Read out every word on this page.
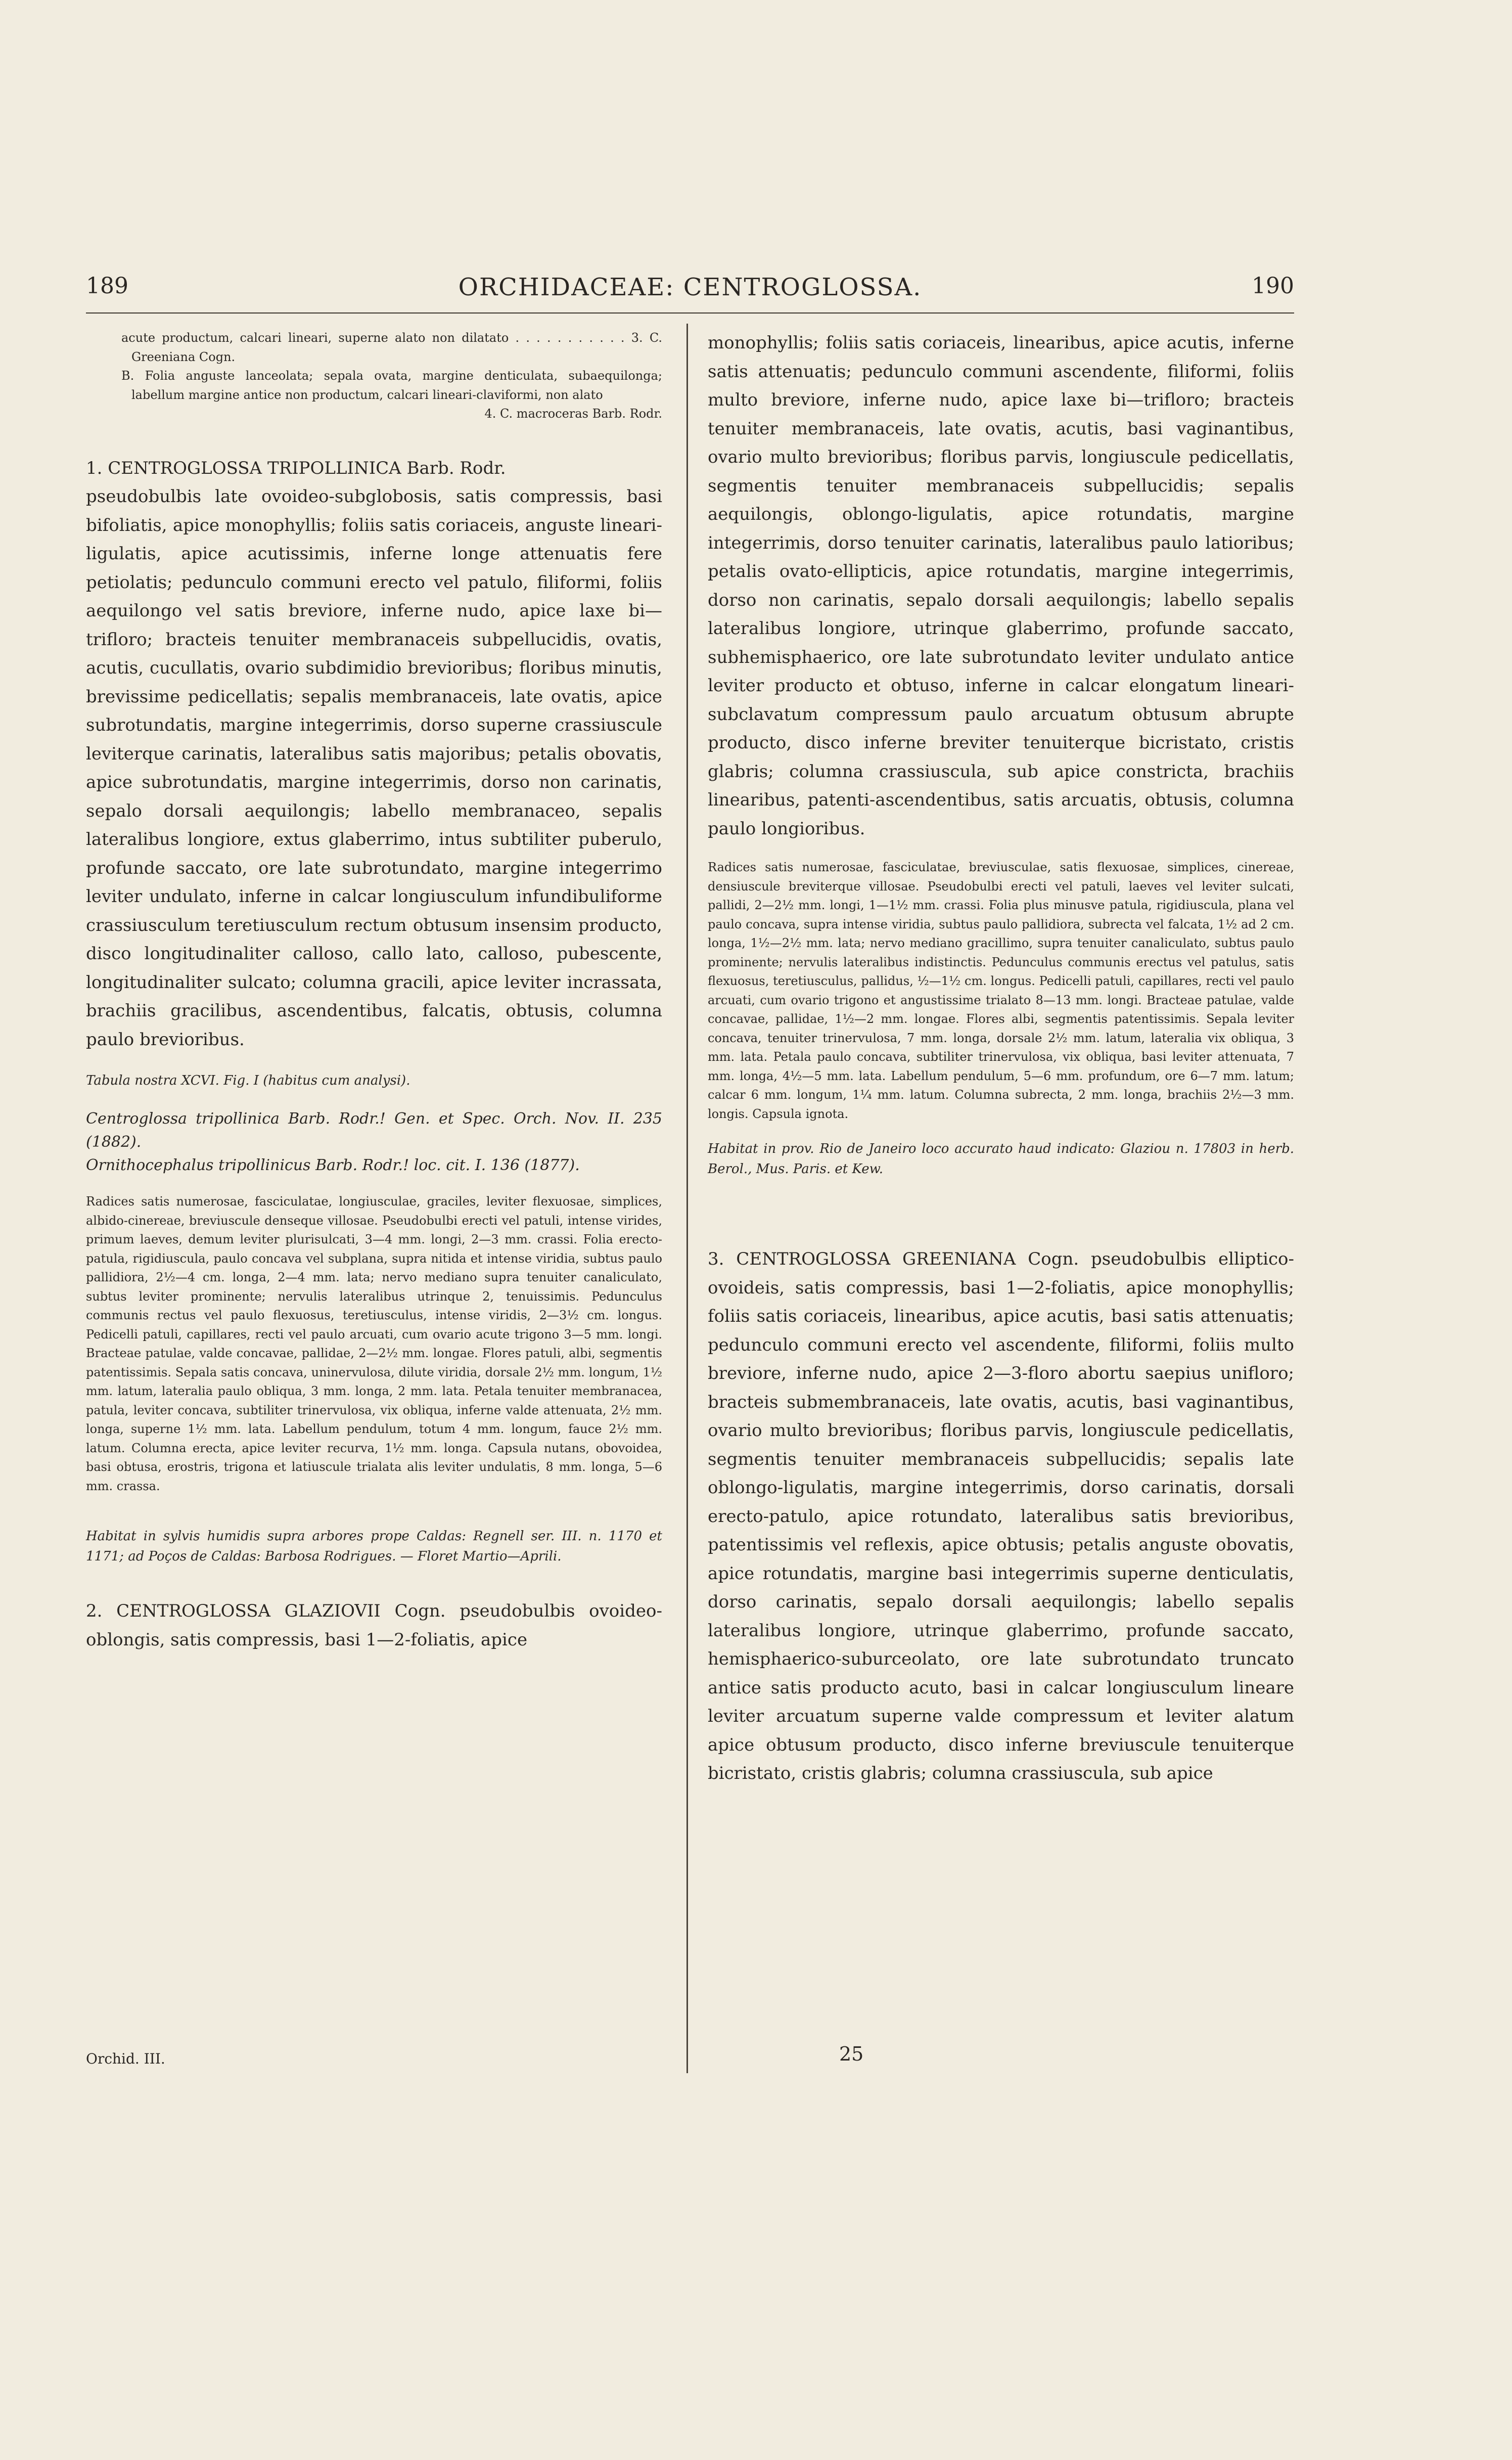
189	ORCHIDACEAE: CENTROGLOSSA.	190

acute productum, calcari lineari, superne alato non dilatato . . . . . . . . . . . 3. C. Greeniana Cogn.

B. Folia anguste lanceolata; sepala ovata, margine denticulata, subaequilonga; labellum margine antice non productum, calcari lineari-claviformi, non alato

4. C. macroceras Barb. Rodr.

1. CENTROGLOSSA TRIPOLLINICA Barb. Rodr.

pseudobulbis late ovoideo-subglobosis, satis compressis, basi bifoliatis, apice monophyllis; foliis satis coriaceis, anguste lineari-ligulatis, apice acutissimis, inferne longe attenuatis fere petiolatis; pedunculo communi erecto vel patulo, filiformi, foliis aequilongo vel satis breviore, inferne nudo, apice laxe bi—trifloro; bracteis tenuiter membranaceis subpellucidis, ovatis, acutis, cucullatis, ovario subdimidio brevioribus; floribus minutis, brevissime pedicellatis; sepalis membranaceis, late ovatis, apice subrotundatis, margine integerrimis, dorso superne crassiuscule leviterque carinatis, lateralibus satis majoribus; petalis obovatis, apice subrotundatis, margine integerrimis, dorso non carinatis, sepalo dorsali aequilongis; labello membranaceo, sepalis lateralibus longiore, extus glaberrimo, intus subtiliter puberulo, profunde saccato, ore late subrotundato, margine integerrimo leviter undulato, inferne in calcar longiusculum infundibuliforme crassiusculum teretiusculum rectum obtusum insensim producto, disco longitudinaliter calloso, callo lato, calloso, pubescente, longitudinaliter sulcato; columna gracili, apice leviter incrassata, brachiis gracilibus, ascendentibus, falcatis, obtusis, columna paulo brevioribus.

Tabula nostra XCVI. Fig. I (habitus cum analysi).

Centroglossa tripollinica Barb. Rodr.! Gen. et Spec. Orch. Nov. II. 235 (1882).

Ornithocephalus tripollinicus Barb. Rodr.! loc. cit. I. 136 (1877).

Radices satis numerosae, fasciculatae, longiusculae, graciles, leviter flexuosae, simplices, albido-cinereae, breviuscule denseque villosae. Pseudobulbi erecti vel patuli, intense virides, primum laeves, demum leviter plurisulcati, 3—4 mm. longi, 2—3 mm. crassi. Folia erecto-patula, rigidiuscula, paulo concava vel subplana, supra nitida et intense viridia, subtus paulo pallidiora, 2½—4 cm. longa, 2—4 mm. lata; nervo mediano supra tenuiter canaliculato, subtus leviter prominente; nervulis lateralibus utrinque 2, tenuissimis. Pedunculus communis rectus vel paulo flexuosus, teretiusculus, intense viridis, 2—3½ cm. longus. Pedicelli patuli, capillares, recti vel paulo arcuati, cum ovario acute trigono 3—5 mm. longi. Bracteae patulae, valde concavae, pallidae, 2—2½ mm. longae. Flores patuli, albi, segmentis patentissimis. Sepala satis concava, uninervulosa, dilute viridia, dorsale 2½ mm. longum, 1½ mm. latum, lateralia paulo obliqua, 3 mm. longa, 2 mm. lata. Petala tenuiter membranacea, patula, leviter concava, subtiliter trinervulosa, vix obliqua, inferne valde attenuata, 2½ mm. longa, superne 1½ mm. lata. Labellum pendulum, totum 4 mm. longum, fauce 2½ mm. latum. Columna erecta, apice leviter recurva, 1½ mm. longa. Capsula nutans, obovoidea, basi obtusa, erostris, trigona et latiuscule trialata alis leviter undulatis, 8 mm. longa, 5—6 mm. crassa.

Habitat in sylvis humidis supra arbores prope Caldas: Regnell ser. III. n. 1170 et 1171; ad Poços de Caldas: Barbosa Rodrigues. — Floret Martio—Aprili.

2. CENTROGLOSSA GLAZIOVII Cogn. pseudobulbis ovoideo-oblongis, satis compressis, basi 1—2-foliatis, apice

monophyllis; foliis satis coriaceis, linearibus, apice acutis, inferne satis attenuatis; pedunculo communi ascendente, filiformi, foliis multo breviore, inferne nudo, apice laxe bi—trifloro; bracteis tenuiter membranaceis, late ovatis, acutis, basi vaginantibus, ovario multo brevioribus; floribus parvis, longiuscule pedicellatis, segmentis tenuiter membranaceis subpellucidis; sepalis aequilongis, oblongo-ligulatis, apice rotundatis, margine integerrimis, dorso tenuiter carinatis, lateralibus paulo latioribus; petalis ovato-ellipticis, apice rotundatis, margine integerrimis, dorso non carinatis, sepalo dorsali aequilongis; labello sepalis lateralibus longiore, utrinque glaberrimo, profunde saccato, subhemisphaerico, ore late subrotundato leviter undulato antice leviter producto et obtuso, inferne in calcar elongatum lineari-subclavatum compressum paulo arcuatum obtusum abrupte producto, disco inferne breviter tenuiterque bicristato, cristis glabris; columna crassiuscula, sub apice constricta, brachiis linearibus, patenti-ascendentibus, satis arcuatis, obtusis, columna paulo longioribus.

Radices satis numerosae, fasciculatae, breviusculae, satis flexuosae, simplices, cinereae, densiuscule breviterque villosae. Pseudobulbi erecti vel patuli, laeves vel leviter sulcati, pallidi, 2—2½ mm. longi, 1—1½ mm. crassi. Folia plus minusve patula, rigidiuscula, plana vel paulo concava, supra intense viridia, subtus paulo pallidiora, subrecta vel falcata, 1½ ad 2 cm. longa, 1½—2½ mm. lata; nervo mediano gracillimo, supra tenuiter canaliculato, subtus paulo prominente; nervulis lateralibus indistinctis. Pedunculus communis erectus vel patulus, satis flexuosus, teretiusculus, pallidus, ½—1½ cm. longus. Pedicelli patuli, capillares, recti vel paulo arcuati, cum ovario trigono et angustissime trialato 8—13 mm. longi. Bracteae patulae, valde concavae, pallidae, 1½—2 mm. longae. Flores albi, segmentis patentissimis. Sepala leviter concava, tenuiter trinervulosa, 7 mm. longa, dorsale 2½ mm. latum, lateralia vix obliqua, 3 mm. lata. Petala paulo concava, subtiliter trinervulosa, vix obliqua, basi leviter attenuata, 7 mm. longa, 4½—5 mm. lata. Labellum pendulum, 5—6 mm. profundum, ore 6—7 mm. latum; calcar 6 mm. longum, 1¼ mm. latum. Columna subrecta, 2 mm. longa, brachiis 2½—3 mm. longis. Capsula ignota.

Habitat in prov. Rio de Janeiro loco accurato haud indicato: Glaziou n. 17803 in herb. Berol., Mus. Paris. et Kew.

3. CENTROGLOSSA GREENIANA Cogn. pseudobulbis elliptico-ovoideis, satis compressis, basi 1—2-foliatis, apice monophyllis; foliis satis coriaceis, linearibus, apice acutis, basi satis attenuatis; pedunculo communi erecto vel ascendente, filiformi, foliis multo breviore, inferne nudo, apice 2—3-floro abortu saepius unifloro; bracteis submembranaceis, late ovatis, acutis, basi vaginantibus, ovario multo brevioribus; floribus parvis, longiuscule pedicellatis, segmentis tenuiter membranaceis subpellucidis; sepalis late oblongo-ligulatis, margine integerrimis, dorso carinatis, dorsali erecto-patulo, apice rotundato, lateralibus satis brevioribus, patentissimis vel reflexis, apice obtusis; petalis anguste obovatis, apice rotundatis, margine basi integerrimis superne denticulatis, dorso carinatis, sepalo dorsali aequilongis; labello sepalis lateralibus longiore, utrinque glaberrimo, profunde saccato, hemisphaerico-suburceolato, ore late subrotundato truncato antice satis producto acuto, basi in calcar longiusculum lineare leviter arcuatum superne valde compressum et leviter alatum apice obtusum producto, disco inferne breviuscule tenuiterque bicristato, cristis glabris; columna crassiuscula, sub apice

Orchid. III.	25
